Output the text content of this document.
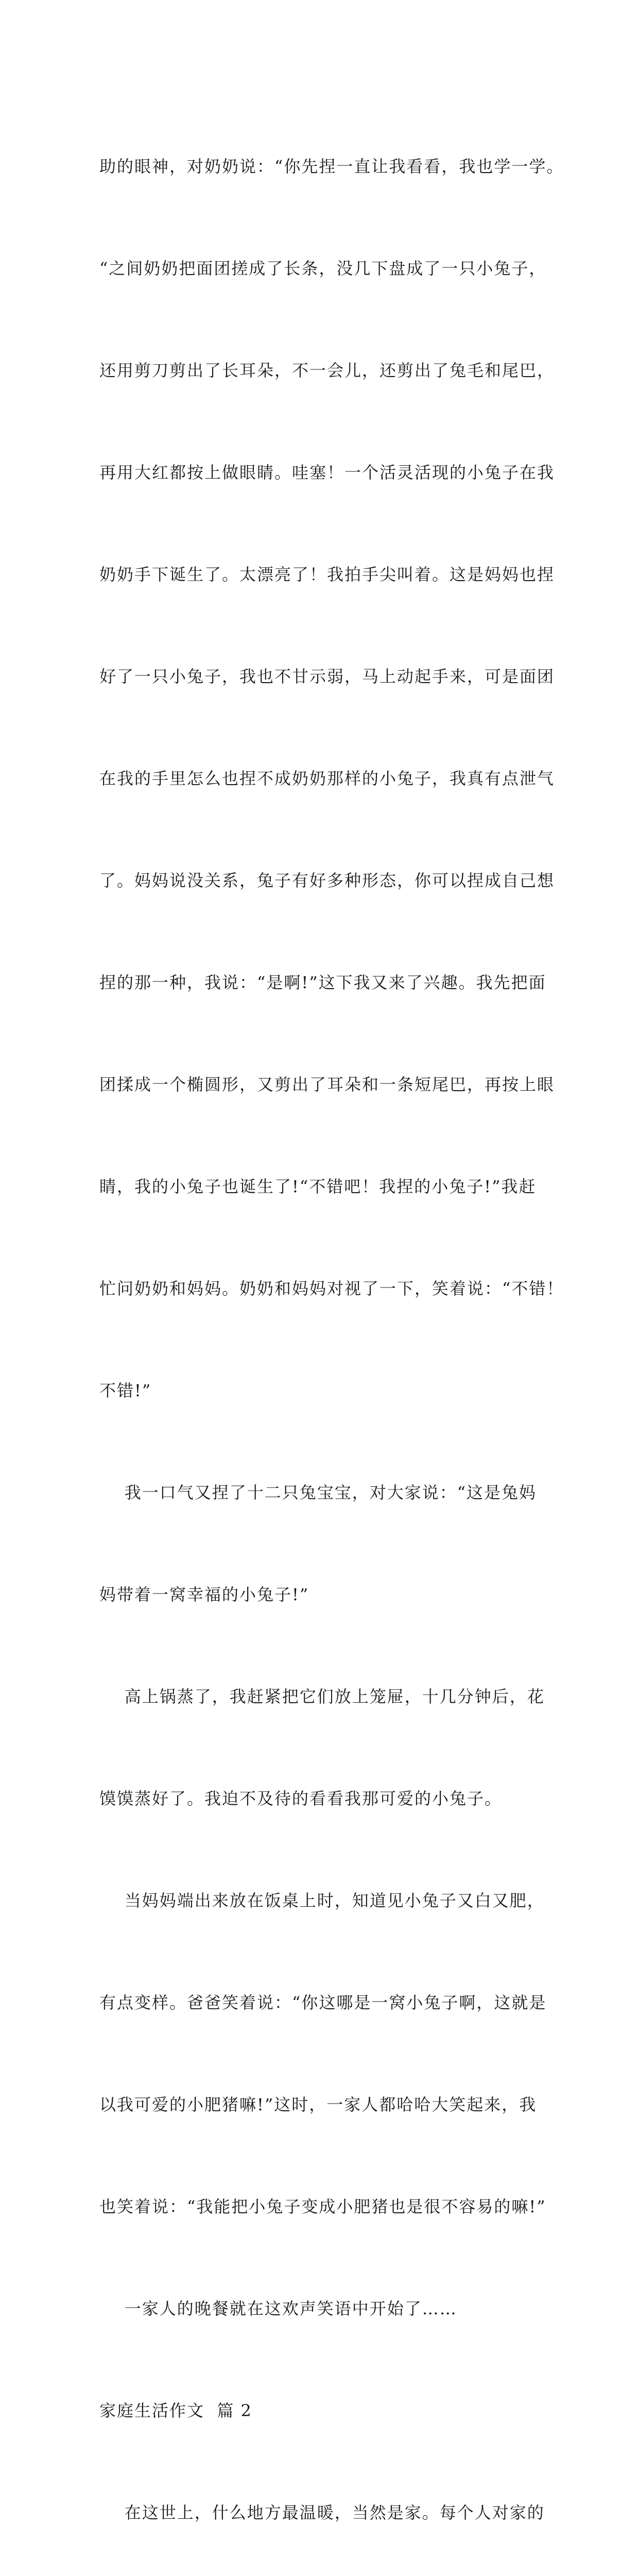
助的眼神，对奶奶说：“你先捏一直让我看看，我也学一学。

“之间奶奶把面团搓成了长条，没几下盘成了一只小兔子，

还用剪刀剪出了长耳朵，不一会儿，还剪出了兔毛和尾巴，

再用大红都按上做眼睛。哇塞！一个活灵活现的小兔子在我

奶奶手下诞生了。太漂亮了！我拍手尖叫着。这是妈妈也捏

好了一只小兔子，我也不甘示弱，马上动起手来，可是面团

在我的手里怎么也捏不成奶奶那样的小兔子，我真有点泄气

了。妈妈说没关系，兔子有好多种形态，你可以捏成自己想

捏的那一种，我说：“是啊!”这下我又来了兴趣。我先把面

团揉成一个椭圆形，又剪出了耳朵和一条短尾巴，再按上眼

睛，我的小兔子也诞生了!“不错吧！我捏的小兔子!”我赶

忙问奶奶和妈妈。奶奶和妈妈对视了一下，笑着说：“不错！

不错!”

我一口气又捏了十二只兔宝宝，对大家说：“这是兔妈

妈带着一窝幸福的小兔子!”

高上锅蒸了，我赶紧把它们放上笼屉，十几分钟后，花

馍馍蒸好了。我迫不及待的看看我那可爱的小兔子。

当妈妈端出来放在饭桌上时，知道见小兔子又白又肥，

有点变样。爸爸笑着说：“你这哪是一窝小兔子啊，这就是

以我可爱的小肥猪嘛!”这时，一家人都哈哈大笑起来，我

也笑着说：“我能把小兔子变成小肥猪也是很不容易的嘛!”

一家人的晚餐就在这欢声笑语中开始了……

家庭生活作文  篇 2

在这世上，什么地方最温暖，当然是家。每个人对家的
